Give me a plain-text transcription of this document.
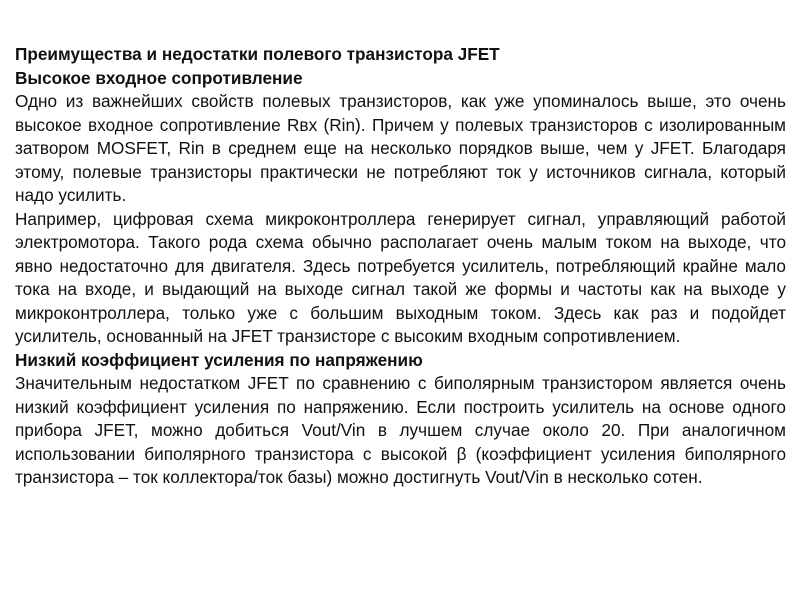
Преимущества и недостатки полевого транзистора JFET

Высокое входное сопротивление

Одно из важнейших свойств полевых транзисторов, как уже упоминалось выше, это очень высокое входное сопротивление Rвх (Rin). Причем у полевых транзисторов с изолированным затвором MOSFET, Rin в среднем еще на несколько порядков выше, чем у JFET. Благодаря этому, полевые транзисторы практически не потребляют ток у источников сигнала, который надо усилить.

Например, цифровая схема микроконтроллера генерирует сигнал, управляющий работой электромотора. Такого рода схема обычно располагает очень малым током на выходе, что явно недостаточно для двигателя. Здесь потребуется усилитель, потребляющий крайне мало тока на входе, и выдающий на выходе сигнал такой же формы и частоты как на выходе у микроконтроллера, только уже с большим выходным током. Здесь как раз и подойдет усилитель, основанный на JFET транзисторе с высоким входным сопротивлением.

Низкий коэффициент усиления по напряжению

Значительным недостатком JFET по сравнению с биполярным транзистором является очень низкий коэффициент усиления по напряжению. Если построить усилитель на основе одного прибора JFET, можно добиться Vout/Vin в лучшем случае около 20. При аналогичном использовании биполярного транзистора с высокой β (коэффициент усиления биполярного транзистора – ток коллектора/ток базы) можно достигнуть Vout/Vin в несколько сотен.
